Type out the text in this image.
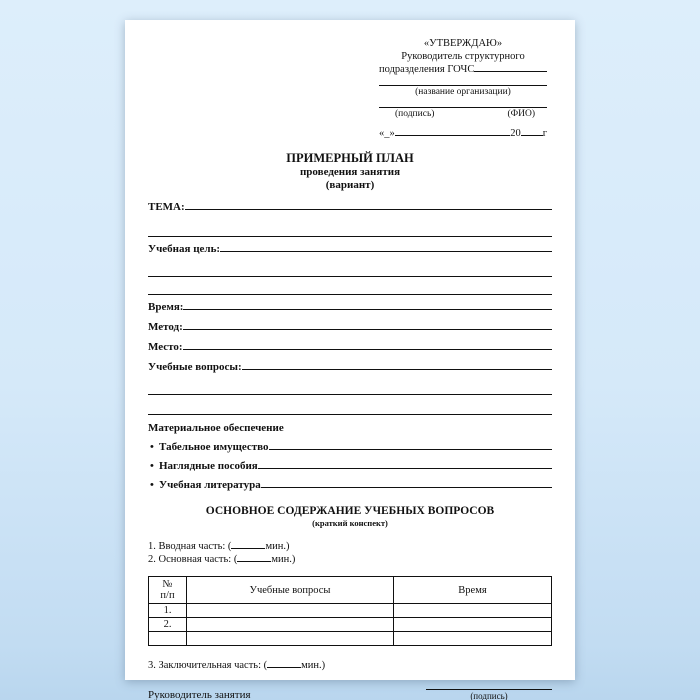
«УТВЕРЖДАЮ»
Руководитель структурного
подразделения ГОЧС
(название организации)
(подпись)	(ФИО)
«_»	20 г
ПРИМЕРНЫЙ ПЛАН
проведения занятия
(вариант)
ТЕМА:
Учебная цель:
Время:
Метод:
Место:
Учебные вопросы:
Материальное обеспечение
• Табельное имущество
• Наглядные пособия
• Учебная литература
ОСНОВНОЕ СОДЕРЖАНИЕ УЧЕБНЫХ ВОПРОСОВ
(краткий конспект)
1. Вводная часть: (	мин.)
2. Основная часть: (	мин.)
№
п/п	Учебные вопросы	Время
1.		
2.		

3. Заключительная часть: (	мин.)
Руководитель занятия	(подпись)
